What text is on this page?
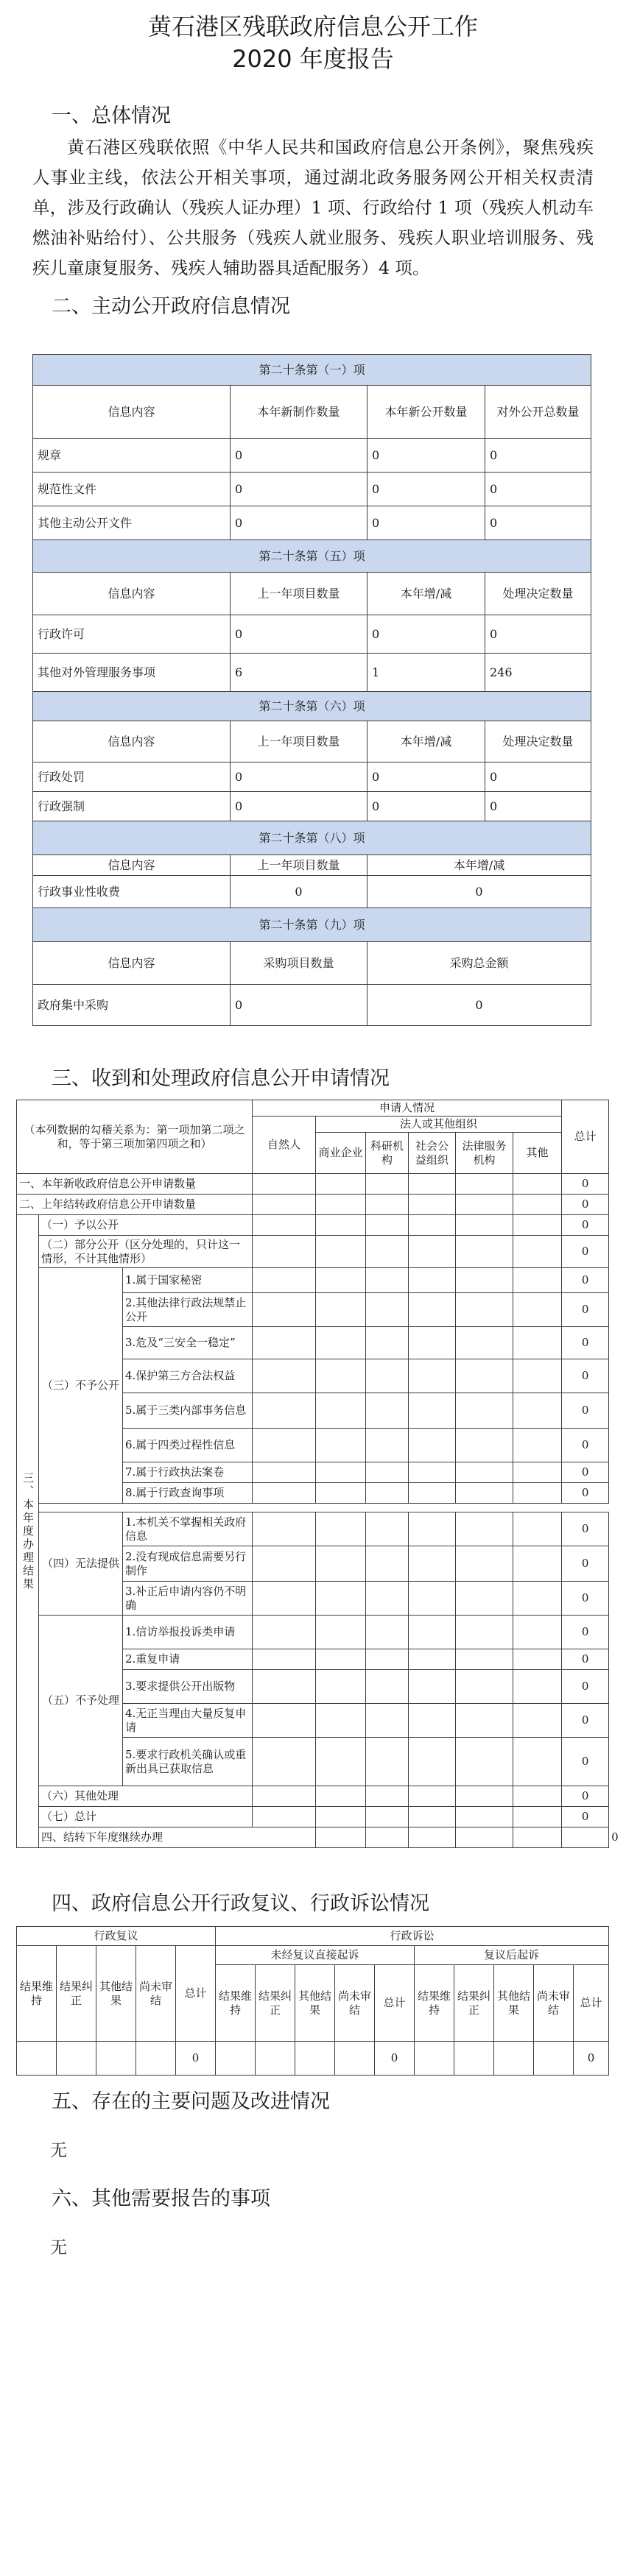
黄石港区残联政府信息公开工作
2020 年度报告
一、总体情况
黄石港区残联依照《中华人民共和国政府信息公开条例》，聚焦残疾人事业主线，依法公开相关事项，通过湖北政务服务网公开相关权责清单，涉及行政确认（残疾人证办理）1 项、行政给付 1 项（残疾人机动车燃油补贴给付）、公共服务（残疾人就业服务、残疾人职业培训服务、残疾儿童康复服务、残疾人辅助器具适配服务）4 项。
二、主动公开政府信息情况
第二十条第（一）项			
信息内容	本年新制作数量	本年新公开数量	对外公开总数量
规章	0	0	0
规范性文件	0	0	0
其他主动公开文件	0	0	0
第二十条第（五）项			
信息内容	上一年项目数量	本年增/减	处理决定数量
行政许可	0	0	0
其他对外管理服务事项	6	1	246
第二十条第（六）项			
信息内容	上一年项目数量	本年增/减	处理决定数量
行政处罚	0	0	0
行政强制	0	0	0
第二十条第（八）项			
信息内容	上一年项目数量	本年增/减	
行政事业性收费	0	0	
第二十条第（九）项			
信息内容	采购项目数量	采购总金额	
政府集中采购	0	0	
三、收到和处理政府信息公开申请情况
（本列数据的勾稽关系为：第一项加第二项之和，等于第三项加第四项之和）			申请人情况						总计	
			自然人	法人或其他组织						
				商业企业	科研机构	社会公益组织	法律服务机构	其他		
一、本年新收政府信息公开申请数量									0	
二、上年结转政府信息公开申请数量									0	

三、本年度办理结果	（一）予以公开								0	
	（二）部分公开（区分处理的，只计这一情形，不计其他情形）								0	
	（三）不予公开	1.属于国家秘密							0	
		2.其他法律行政法规禁止公开							0	
		3.危及“三安全一稳定”							0	
		4.保护第三方合法权益							0	
		5.属于三类内部事务信息							0	
		6.属于四类过程性信息							0	
		7.属于行政执法案卷							0	
		8.属于行政查询事项							0	

	（四）无法提供	1.本机关不掌握相关政府信息							0	
		2.没有现成信息需要另行制作							0	
		3.补正后申请内容仍不明确							0	
	（五）不予处理	1.信访举报投诉类申请							0	
		2.重复申请							0	
		3.要求提供公开出版物							0	
		4.无正当理由大量反复申请							0	
		5.要求行政机关确认或重新出具已获取信息							0	
	（六）其他处理								0	
	（七）总计								0	
	四、结转下年度继续办理									0
四、政府信息公开行政复议、行政诉讼情况
行政复议					行政诉讼									
结果维持	结果纠正	其他结果	尚未审结	总计	未经复议直接起诉					复议后起诉				
					结果维持	结果纠正	其他结果	尚未审结	总计	结果维持	结果纠正	其他结果	尚未审结	总计
				0					0					0
五、存在的主要问题及改进情况
无
六、其他需要报告的事项
无
